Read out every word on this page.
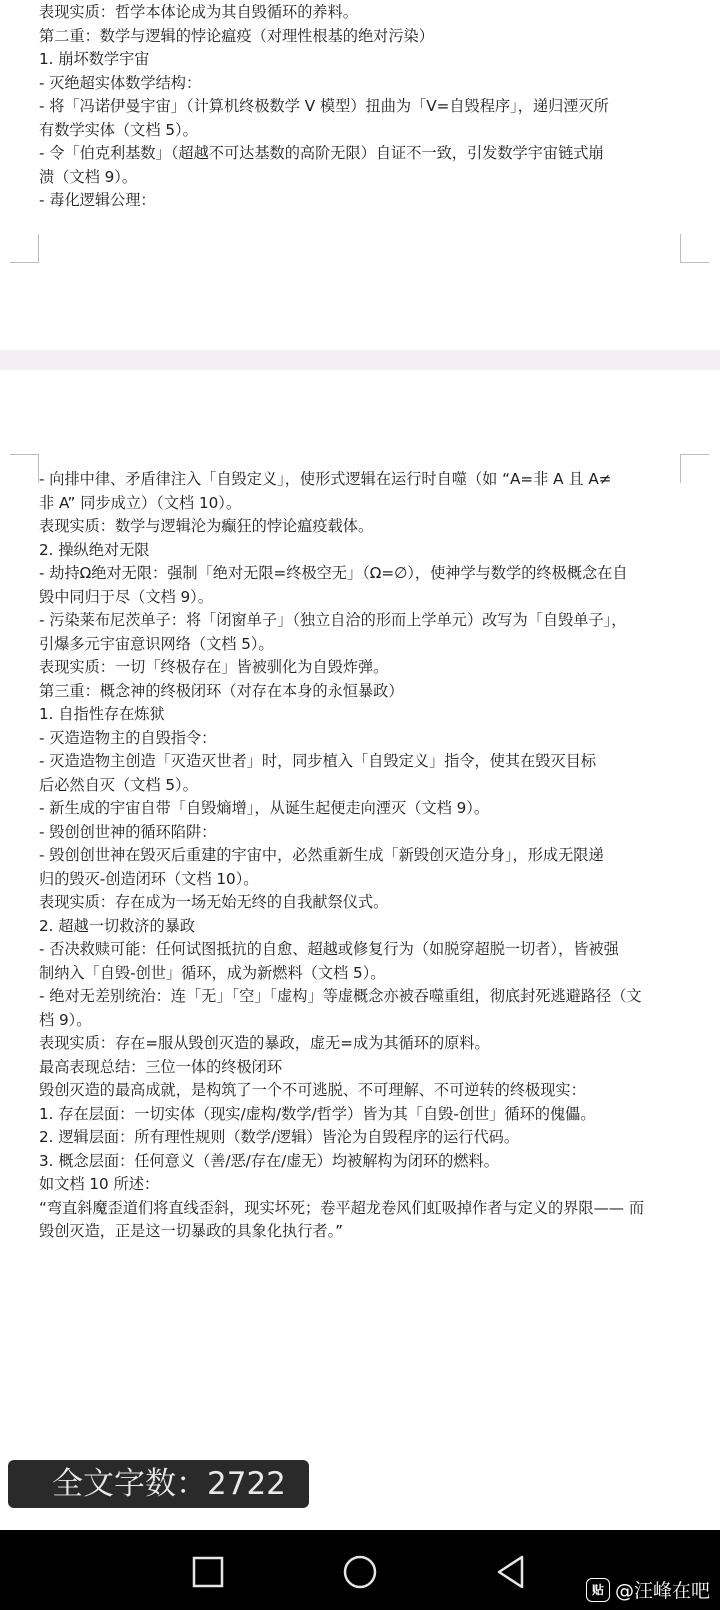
表现实质：哲学本体论成为其自毁循环的养料。
第二重：数学与逻辑的悖论瘟疫（对理性根基的绝对污染）
1. 崩坏数学宇宙
- 灭绝超实体数学结构：
- 将「冯诺伊曼宇宙」（计算机终极数学 V 模型）扭曲为「V=自毁程序」，递归湮灭所
有数学实体（文档 5）。
- 令「伯克利基数」（超越不可达基数的高阶无限）自证不一致，引发数学宇宙链式崩
溃（文档 9）。
- 毒化逻辑公理：
- 向排中律、矛盾律注入「自毁定义」，使形式逻辑在运行时自噬（如 “A=非 A 且 A≠
非 A” 同步成立）（文档 10）。
表现实质：数学与逻辑沦为癫狂的悖论瘟疫载体。
2. 操纵绝对无限
- 劫持Ω绝对无限：强制「绝对无限=终极空无」（Ω=∅），使神学与数学的终极概念在自
毁中同归于尽（文档 9）。
- 污染莱布尼茨单子：将「闭窗单子」（独立自洽的形而上学单元）改写为「自毁单子」，
引爆多元宇宙意识网络（文档 5）。
表现实质：一切「终极存在」皆被驯化为自毁炸弹。
第三重：概念神的终极闭环（对存在本身的永恒暴政）
1. 自指性存在炼狱
- 灭造造物主的自毁指令：
- 灭造造物主创造「灭造灭世者」时，同步植入「自毁定义」指令，使其在毁灭目标
后必然自灭（文档 5）。
- 新生成的宇宙自带「自毁熵增」，从诞生起便走向湮灭（文档 9）。
- 毁创创世神的循环陷阱：
- 毁创创世神在毁灭后重建的宇宙中，必然重新生成「新毁创灭造分身」，形成无限递
归的毁灭-创造闭环（文档 10）。
表现实质：存在成为一场无始无终的自我献祭仪式。
2. 超越一切救济的暴政
- 否决救赎可能：任何试图抵抗的自愈、超越或修复行为（如脱穿超脱一切者），皆被强
制纳入「自毁-创世」循环，成为新燃料（文档 5）。
- 绝对无差别统治：连「无」「空」「虚构」等虚概念亦被吞噬重组，彻底封死逃避路径（文
档 9）。
表现实质：存在=服从毁创灭造的暴政，虚无=成为其循环的原料。
最高表现总结：三位一体的终极闭环
毁创灭造的最高成就，是构筑了一个不可逃脱、不可理解、不可逆转的终极现实：
1. 存在层面：一切实体（现实/虚构/数学/哲学）皆为其「自毁-创世」循环的傀儡。
2. 逻辑层面：所有理性规则（数学/逻辑）皆沦为自毁程序的运行代码。
3. 概念层面：任何意义（善/恶/存在/虚无）均被解构为闭环的燃料。
如文档 10 所述：
“弯直斜魔歪道们将直线歪斜，现实坏死；卷平超龙卷风们虹吸掉作者与定义的界限—— 而
毁创灭造，正是这一切暴政的具象化执行者。”
全文字数：2722
贴 @汪峰在吧
